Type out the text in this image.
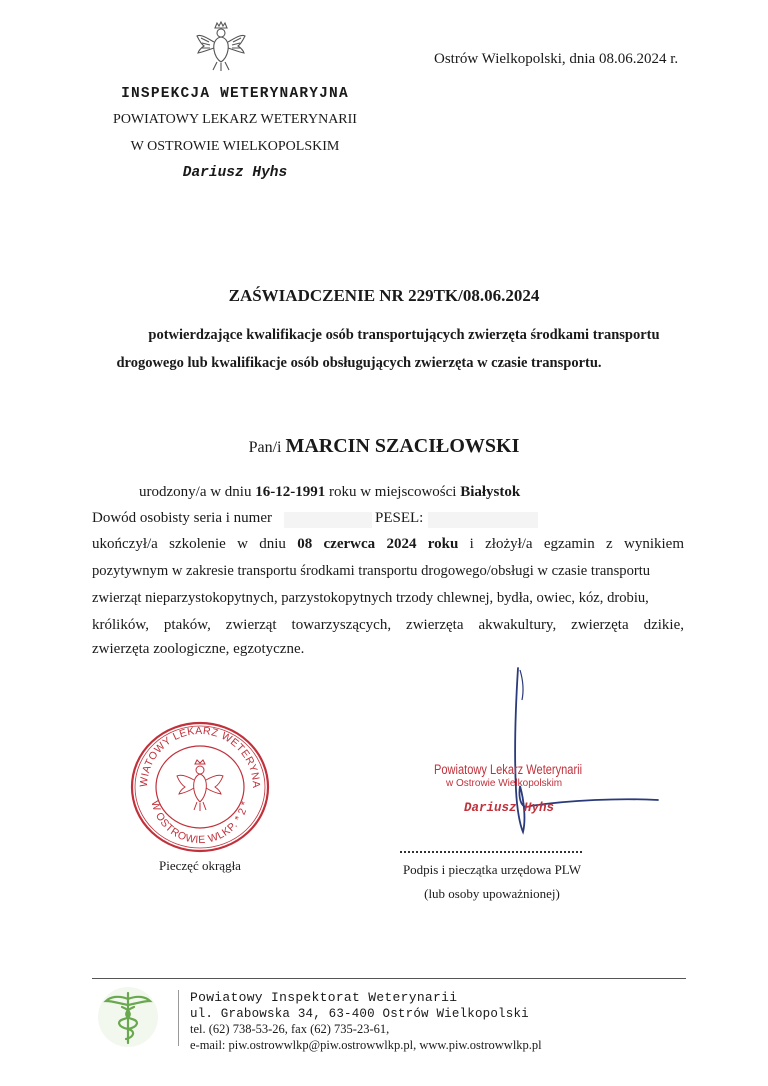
Ostrów Wielkopolski, dnia 08.06.2024 r.
INSPEKCJA WETERYNARYJNA
POWIATOWY LEKARZ WETERYNARII
W OSTROWIE WIELKOPOLSKIM
Dariusz Hyhs
ZAŚWIADCZENIE NR 229TK/08.06.2024
potwierdzające kwalifikacje osób transportujących zwierzęta środkami transportu
drogowego lub kwalifikacje osób obsługujących zwierzęta w czasie transportu.
Pan/i MARCIN SZACIŁOWSKI
urodzony/a w dniu 16-12-1991 roku w miejscowości Białystok
Dowód osobisty seria i numer	PESEL:
ukończył/a szkolenie w dniu 08 czerwca 2024 roku i złożył/a egzamin z wynikiem
pozytywnym w zakresie transportu środkami transportu drogowego/obsługi w czasie transportu
zwierząt nieparzystokopytnych, parzystokopytnych trzody chlewnej, bydła, owiec, kóz, drobiu,
królików, ptaków, zwierząt towarzyszących, zwierzęta akwakultury, zwierzęta dzikie,
zwierzęta zoologiczne, egzotyczne.
WIATOWY LEKARZ WETERYNA
W OSTROWIE WLKP. * 2 *
Pieczęć okrągła
Powiatowy Lekarz Weterynarii
w Ostrowie Wielkopolskim
Dariusz Hyhs
Podpis i pieczątka urzędowa PLW
(lub osoby upoważnionej)
Powiatowy Inspektorat Weterynarii
ul. Grabowska 34, 63-400 Ostrów Wielkopolski
tel. (62) 738-53-26, fax (62) 735-23-61,
e-mail: piw.ostrowwlkp@piw.ostrowwlkp.pl, www.piw.ostrowwlkp.pl
